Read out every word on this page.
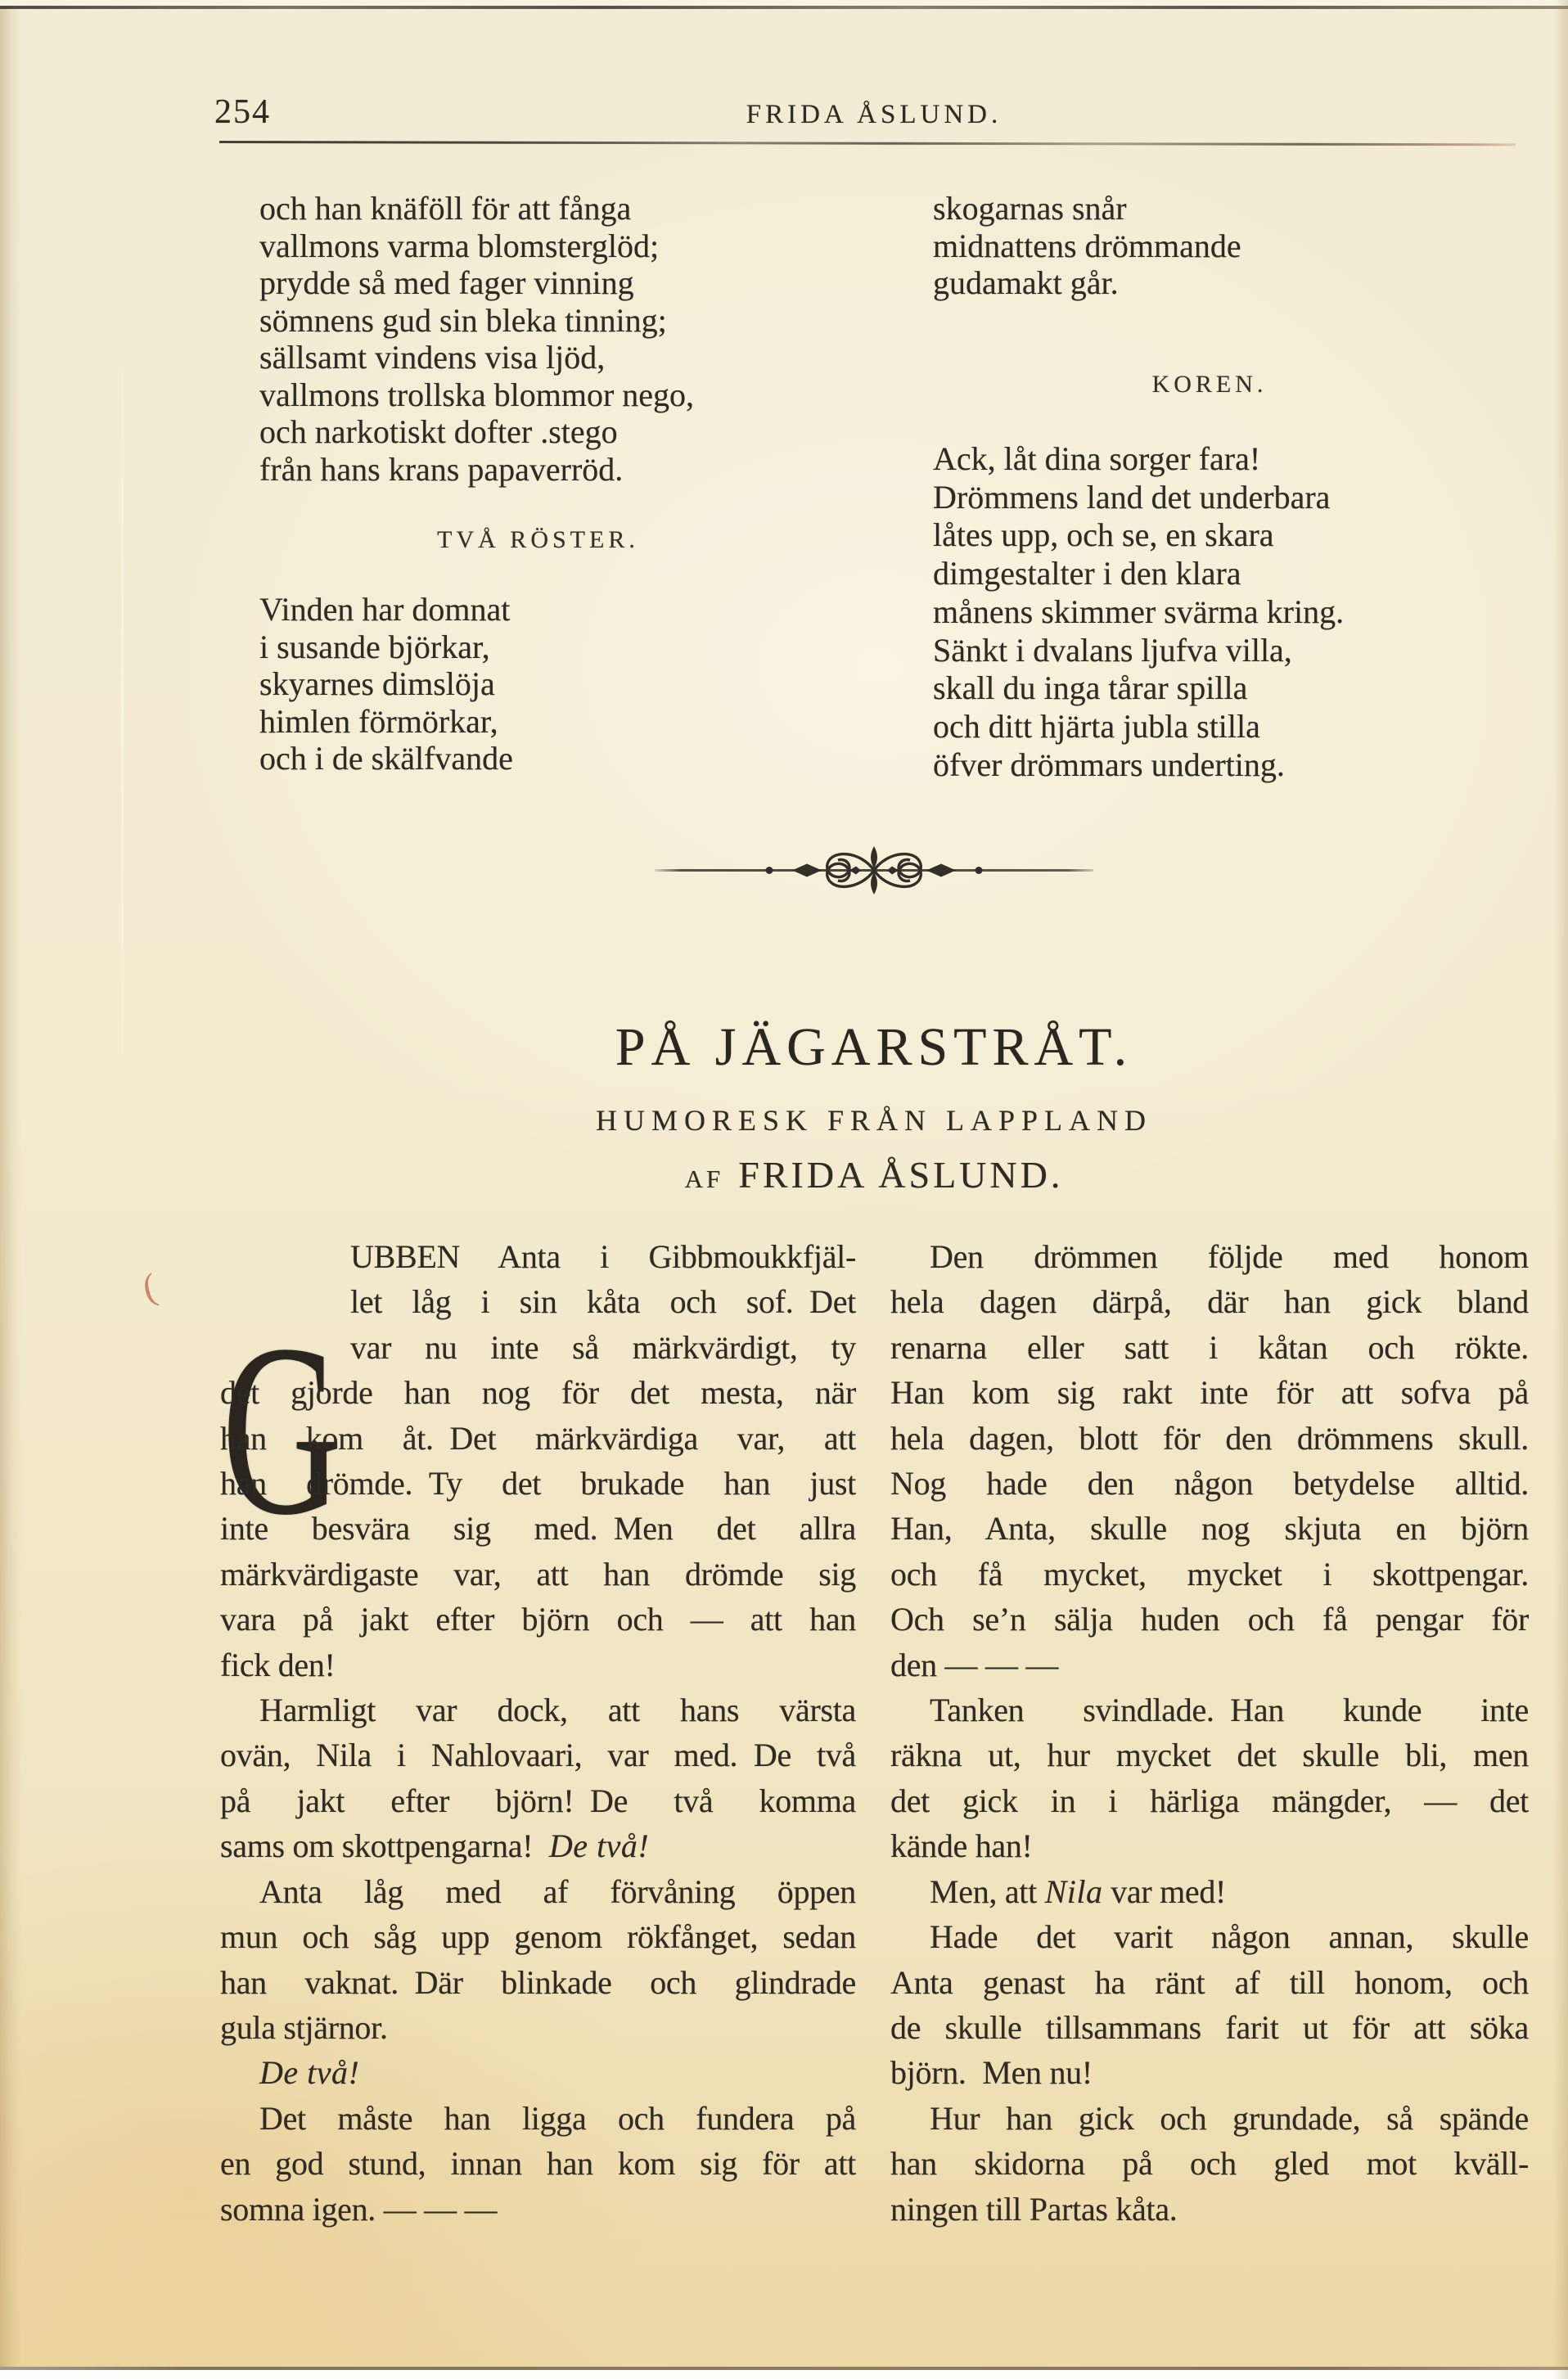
254	FRIDA ÅSLUND.
och han knäföll för att fånga
vallmons varma blomsterglöd;
prydde så med fager vinning
sömnens gud sin bleka tinning;
sällsamt vindens visa ljöd,
vallmons trollska blommor nego,
och narkotiskt dofter .stego
från hans krans papaverröd.
TVÅ RÖSTER.
Vinden har domnat
i susande björkar,
skyarnes dimslöja
himlen förmörkar,
och i de skälfvande
skogarnas snår
midnattens drömmande
gudamakt går.
KOREN.
Ack, låt dina sorger fara!
Drömmens land det underbara
låtes upp, och se, en skara
dimgestalter i den klara
månens skimmer svärma kring.
Sänkt i dvalans ljufva villa,
skall du inga tårar spilla
och ditt hjärta jubla stilla
öfver drömmars underting.
PÅ JÄGARSTRÅT.
HUMORESK FRÅN LAPPLAND
AF FRIDA ÅSLUND.
(
G
UBBEN Anta i Gibbmoukkfjäl-
let låg i sin kåta och sof. Det
var nu inte så märkvärdigt, ty
det gjorde han nog för det mesta, när
han kom åt. Det märkvärdiga var, att
han drömde. Ty det brukade han just
inte besvära sig med. Men det allra
märkvärdigaste var, att han drömde sig
vara på jakt efter björn och — att han
fick den!
Harmligt var dock, att hans värsta
ovän, Nila i Nahlovaari, var med. De två
på jakt efter björn! De två komma
sams om skottpengarna! De två!
Anta låg med af förvåning öppen
mun och såg upp genom rökfånget, sedan
han vaknat. Där blinkade och glindrade
gula stjärnor.
De två!
Det måste han ligga och fundera på
en god stund, innan han kom sig för att
somna igen. — — —
Den drömmen följde med honom
hela dagen därpå, där han gick bland
renarna eller satt i kåtan och rökte.
Han kom sig rakt inte för att sofva på
hela dagen, blott för den drömmens skull.
Nog hade den någon betydelse alltid.
Han, Anta, skulle nog skjuta en björn
och få mycket, mycket i skottpengar.
Och se’n sälja huden och få pengar för
den — — —
Tanken svindlade. Han kunde inte
räkna ut, hur mycket det skulle bli, men
det gick in i härliga mängder, — det
kände han!
Men, att Nila var med!
Hade det varit någon annan, skulle
Anta genast ha ränt af till honom, och
de skulle tillsammans farit ut för att söka
björn. Men nu!
Hur han gick och grundade, så spände
han skidorna på och gled mot kväll-
ningen till Partas kåta.
